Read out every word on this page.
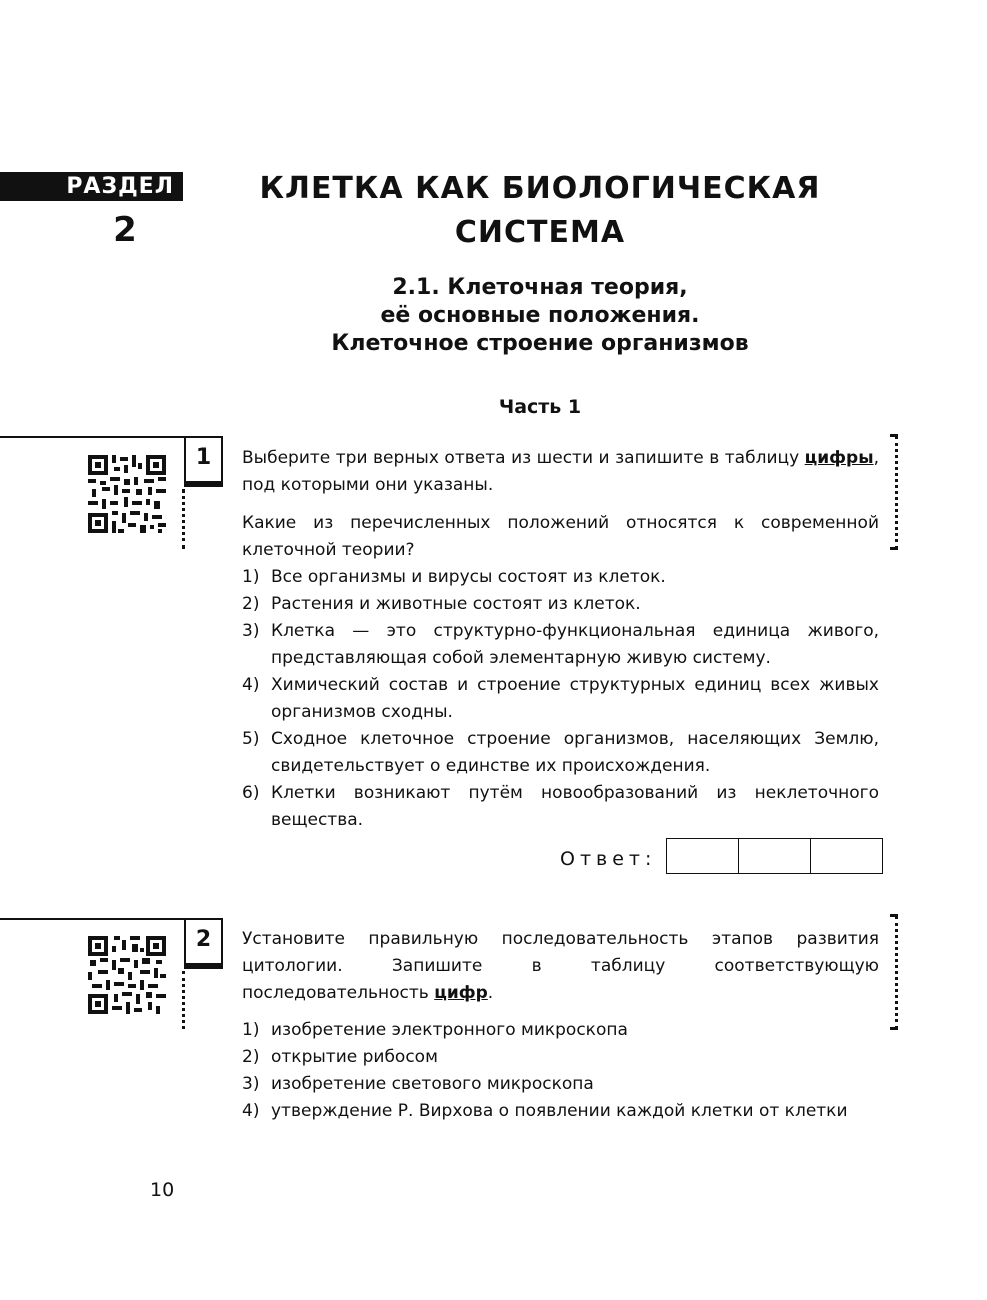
РАЗДЕЛ
2
КЛЕТКА КАК БИОЛОГИЧЕСКАЯ
СИСТЕМА
2.1. Клеточная теория,
её основные положения.
Клеточное строение организмов
Часть 1
1	Выберите три верных ответа из шести и запишите в таблицу цифры, под которыми они указаны.

Какие из перечисленных положений относятся к современной клеточной теории?

1) Все организмы и вирусы состоят из клеток.
2) Растения и животные состоят из клеток.
3) Клетка — это структурно-функциональная единица живого, представляющая собой элементарную живую систему.
4) Химический состав и строение структурных единиц всех живых организмов сходны.
5) Сходное клеточное строение организмов, населяющих Землю, свидетельствует о единстве их происхождения.
6) Клетки возникают путём новообразований из неклеточного вещества.
Ответ:

2	Установите правильную последовательность этапов развития цитологии. Запишите в таблицу соответствующую последовательность цифр.

1) изобретение электронного микроскопа
2) открытие рибосом
3) изобретение светового микроскопа
4) утверждение Р. Вирхова о появлении каждой клетки от клетки
10
